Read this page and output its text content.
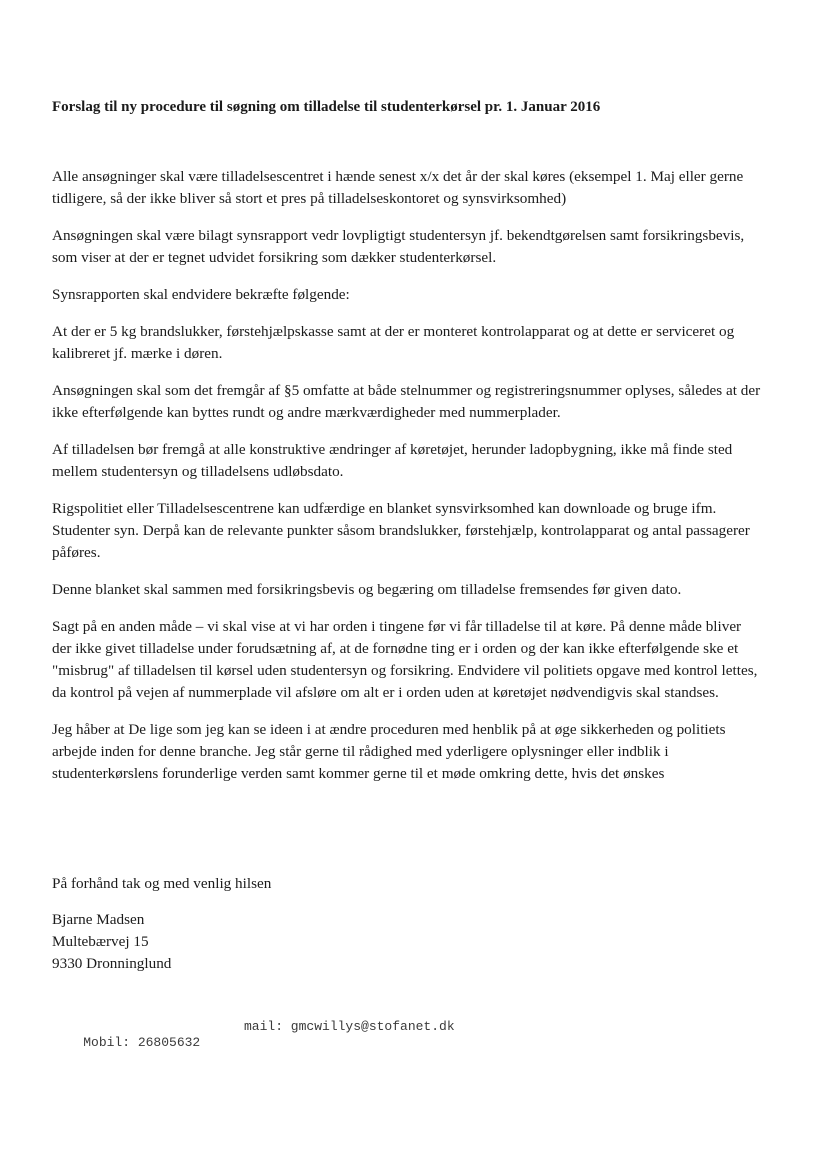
Forslag til ny procedure til søgning om tilladelse til studenterkørsel pr. 1. Januar 2016

Alle ansøgninger skal være tilladelsescentret i hænde senest x/x det år der skal køres (eksempel 1. Maj eller gerne tidligere, så der ikke bliver så stort et pres på tilladelseskontoret og synsvirksomhed)

Ansøgningen skal være bilagt synsrapport vedr lovpligtigt studentersyn jf. bekendtgørelsen samt forsikringsbevis, som viser at der er tegnet udvidet forsikring som dækker studenterkørsel.

Synsrapporten skal endvidere bekræfte følgende:

At der er 5 kg brandslukker, førstehjælpskasse samt at der er monteret kontrolapparat og at dette er serviceret og kalibreret jf. mærke i døren.

Ansøgningen skal som det fremgår af §5 omfatte at både stelnummer og registreringsnummer oplyses, således at der ikke efterfølgende kan byttes rundt og andre mærkværdigheder med nummerplader.

Af tilladelsen bør fremgå at alle konstruktive ændringer af køretøjet, herunder ladopbygning, ikke må finde sted mellem studentersyn og tilladelsens udløbsdato.

Rigspolitiet eller Tilladelsescentrene kan udfærdige en blanket synsvirksomhed kan downloade og bruge ifm. Studenter syn. Derpå kan de relevante punkter såsom brandslukker, førstehjælp, kontrolapparat og antal passagerer påføres.

Denne blanket skal sammen med forsikringsbevis og begæring om tilladelse fremsendes før given dato.

Sagt på en anden måde – vi skal vise at vi har orden i tingene før vi får tilladelse til at køre. På denne måde bliver der ikke givet tilladelse under forudsætning af, at de fornødne ting er i orden og der kan ikke efterfølgende ske et "misbrug" af tilladelsen til kørsel uden studentersyn og forsikring. Endvidere vil politiets opgave med kontrol lettes, da kontrol på vejen af nummerplade vil afsløre om alt er i orden uden at køretøjet nødvendigvis skal standses.

Jeg håber at De lige som jeg kan se ideen i at ændre proceduren med henblik på at øge sikkerheden og politiets arbejde inden for denne branche. Jeg står gerne til rådighed med yderligere oplysninger eller indblik i studenterkørslens forunderlige verden samt kommer gerne til et møde omkring dette, hvis det ønskes

På forhånd tak og med venlig hilsen

Bjarne Madsen
Multebærvej 15
9330 Dronninglund

Mobil: 26805632

mail: gmcwillys@stofanet.dk
